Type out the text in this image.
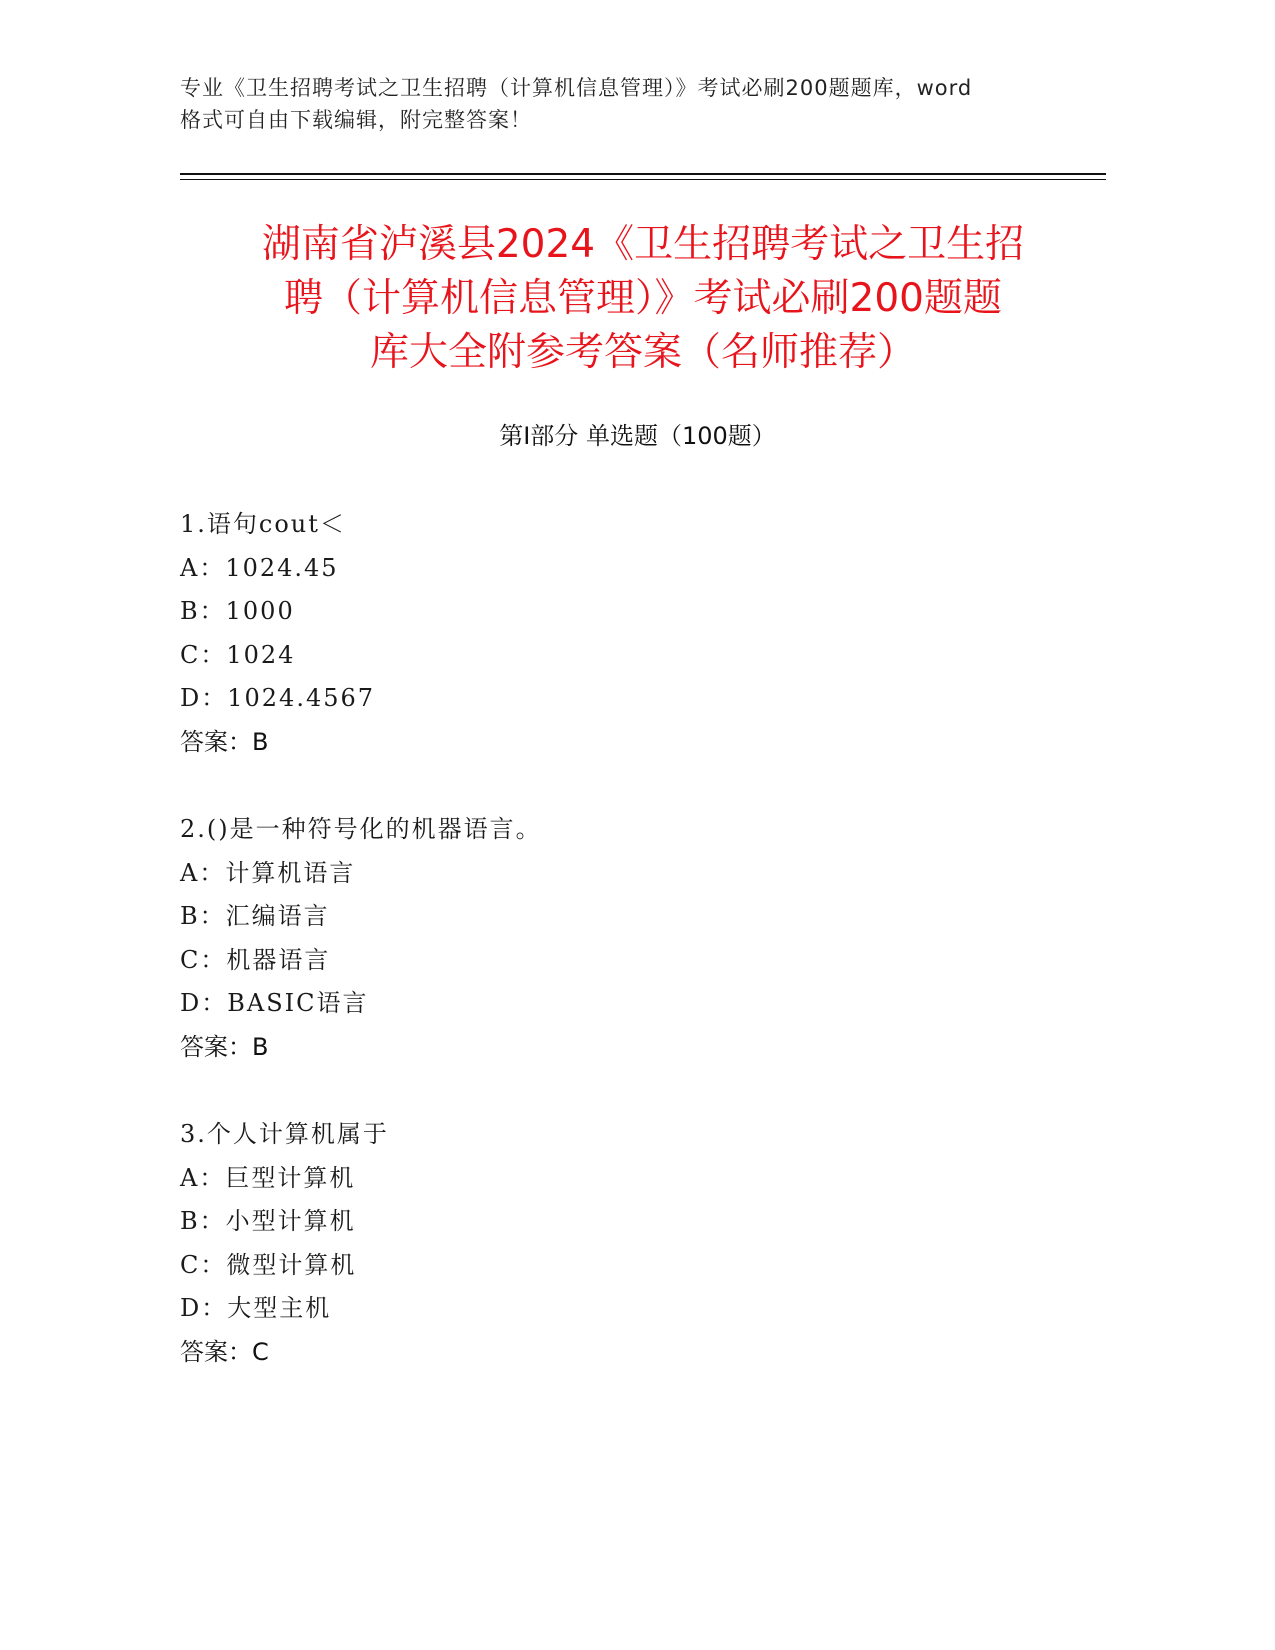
专业《卫生招聘考试之卫生招聘（计算机信息管理）》考试必刷200题题库，word
格式可自由下载编辑，附完整答案！
湖南省泸溪县2024《卫生招聘考试之卫生招
聘（计算机信息管理）》考试必刷200题题
库大全附参考答案（名师推荐）
第Ⅰ部分 单选题（100题）
1.语句cout＜
A：1024.45
B：1000
C：1024
D：1024.4567
答案：B
2.()是一种符号化的机器语言。
A：计算机语言
B：汇编语言
C：机器语言
D：BASIC语言
答案：B
3.个人计算机属于
A：巨型计算机
B：小型计算机
C：微型计算机
D：大型主机
答案：C
